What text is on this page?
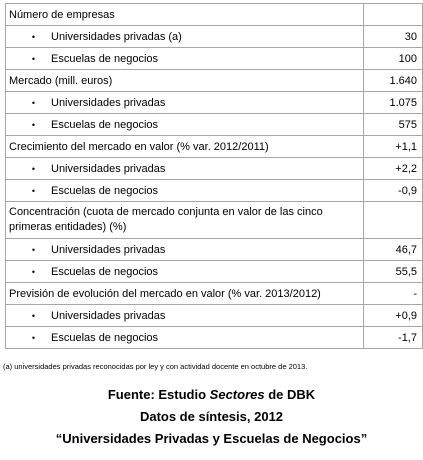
Número de empresas	
• Universidades privadas (a)	30
• Escuelas de negocios	100
Mercado (mill. euros)	1.640
• Universidades privadas	1.075
• Escuelas de negocios	575
Crecimiento del mercado en valor (% var. 2012/2011)	+1,1
• Universidades privadas	+2,2
• Escuelas de negocios	-0,9
Concentración (cuota de mercado conjunta en valor de las cinco primeras entidades) (%)	
• Universidades privadas	46,7
• Escuelas de negocios	55,5
Previsión de evolución del mercado en valor (% var. 2013/2012)	-
• Universidades privadas	+0,9
• Escuelas de negocios	-1,7
(a) universidades privadas reconocidas por ley y con actividad docente en octubre de 2013.
Fuente: Estudio Sectores de DBK
Datos de síntesis, 2012
“Universidades Privadas y Escuelas de Negocios”
